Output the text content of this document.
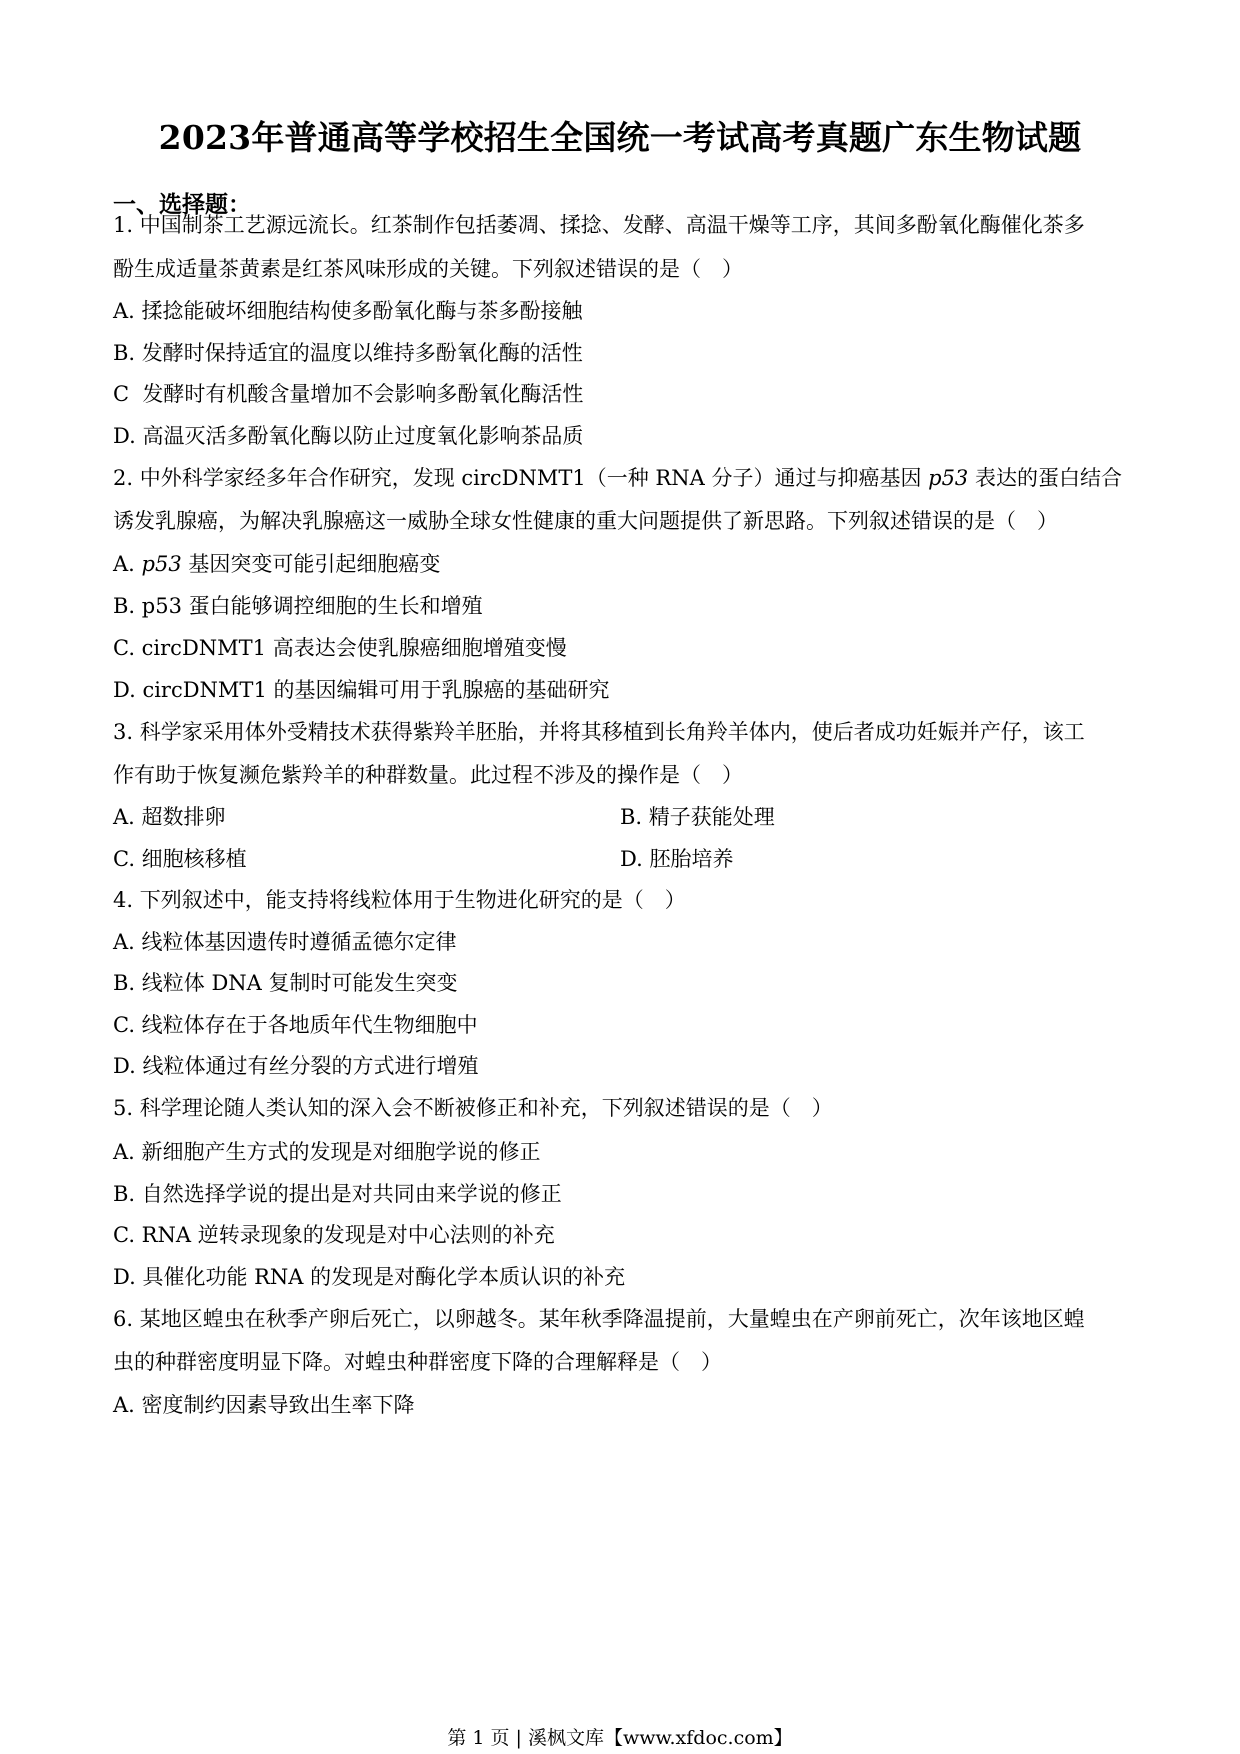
2023年普通高等学校招生全国统一考试高考真题广东生物试题
一、选择题：
1. 中国制茶工艺源远流长。红茶制作包括萎凋、揉捻、发酵、高温干燥等工序，其间多酚氧化酶催化茶多
酚生成适量茶黄素是红茶风味形成的关键。下列叙述错误的是（　）
A. 揉捻能破坏细胞结构使多酚氧化酶与茶多酚接触
B. 发酵时保持适宜的温度以维持多酚氧化酶的活性
C  发酵时有机酸含量增加不会影响多酚氧化酶活性
D. 高温灭活多酚氧化酶以防止过度氧化影响茶品质
2. 中外科学家经多年合作研究，发现 circDNMT1（一种 RNA 分子）通过与抑癌基因 p53 表达的蛋白结合
诱发乳腺癌，为解决乳腺癌这一威胁全球女性健康的重大问题提供了新思路。下列叙述错误的是（　）
A. p53 基因突变可能引起细胞癌变
B. p53 蛋白能够调控细胞的生长和增殖
C. circDNMT1 高表达会使乳腺癌细胞增殖变慢
D. circDNMT1 的基因编辑可用于乳腺癌的基础研究
3. 科学家采用体外受精技术获得紫羚羊胚胎，并将其移植到长角羚羊体内，使后者成功妊娠并产仔，该工
作有助于恢复濒危紫羚羊的种群数量。此过程不涉及的操作是（　）
A. 超数排卵	B. 精子获能处理
C. 细胞核移植	D. 胚胎培养
4. 下列叙述中，能支持将线粒体用于生物进化研究的是（　）
A. 线粒体基因遗传时遵循孟德尔定律
B. 线粒体 DNA 复制时可能发生突变
C. 线粒体存在于各地质年代生物细胞中
D. 线粒体通过有丝分裂的方式进行增殖
5. 科学理论随人类认知的深入会不断被修正和补充，下列叙述错误的是（　）
A. 新细胞产生方式的发现是对细胞学说的修正
B. 自然选择学说的提出是对共同由来学说的修正
C. RNA 逆转录现象的发现是对中心法则的补充
D. 具催化功能 RNA 的发现是对酶化学本质认识的补充
6. 某地区蝗虫在秋季产卵后死亡，以卵越冬。某年秋季降温提前，大量蝗虫在产卵前死亡，次年该地区蝗
虫的种群密度明显下降。对蝗虫种群密度下降的合理解释是（　）
A. 密度制约因素导致出生率下降
第 1 页 | 溪枫文库【www.xfdoc.com】
